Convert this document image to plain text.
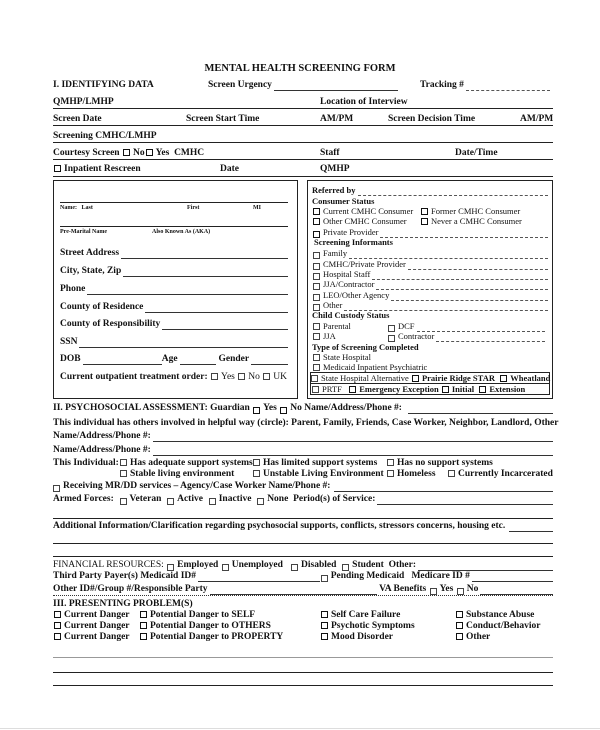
MENTAL HEALTH SCREENING FORM
I. IDENTIFYING DATA	Screen Urgency	Tracking #
QMHP/LMHP	Location of Interview
Screen Date	Screen Start Time	AM/PM	Screen Decision Time	AM/PM
Screening CMHC/LMHP
Courtesy Screen No Yes CMHC	Staff	Date/Time
Inpatient Rescreen	Date	QMHP
Name: Last	First	MI
Pre-Marital Name	Also Known As (AKA)
Street Address
City, State, Zip
Phone
County of Residence
County of Responsibility
SSN
DOB	Age	Gender
Current outpatient treatment order: Yes No UK
Referred by
Consumer Status
Current CMHC Consumer	Former CMHC Consumer
Other CMHC Consumer	Never a CMHC Consumer
Private Provider
Screening Informants
Family
CMHC/Private Provider
Hospital Staff
JJA/Contractor
LEO/Other Agency
Other
Child Custody Status
Parental	DCF
JJA	Contractor
Type of Screening Completed
State Hospital
Medicaid Inpatient Psychiatric
State Hospital Alternative Prairie Ridge STAR Wheatland
PRTF Emergency Exception Initial Extension
II. PSYCHOSOCIAL ASSESSMENT: Guardian
Yes
No Name/Address/Phone #:
This individual has others involved in helpful way (circle): Parent, Family, Friends, Case Worker, Neighbor, Landlord, Other
Name/Address/Phone #:
Name/Address/Phone #:
This Individual:	Has adequate support systems	Has limited support systems	Has no support systems
Stable living environment	Unstable Living Environment	Homeless	Currently Incarcerated
Receiving MR/DD services – Agency/Case Worker Name/Phone #:
Armed Forces:
Veteran
Active
Inactive
None
Period(s) of Service:
Additional Information/Clarification regarding psychosocial supports, conflicts, stressors concerns, housing etc.
FINANCIAL RESOURCES:
Employed
Unemployed
Disabled
Student
Other:
Third Party Payer(s) Medicaid ID#	Pending Medicaid
Medicare ID #
Other ID#/Group #/Responsible Party	VA Benefits
Yes
No
III. PRESENTING PROBLEM(S)
Current Danger	Potential Danger to SELF	Self Care Failure	Substance Abuse
Current Danger	Potential Danger to OTHERS	Psychotic Symptoms	Conduct/Behavior
Current Danger	Potential Danger to PROPERTY	Mood Disorder	Other
